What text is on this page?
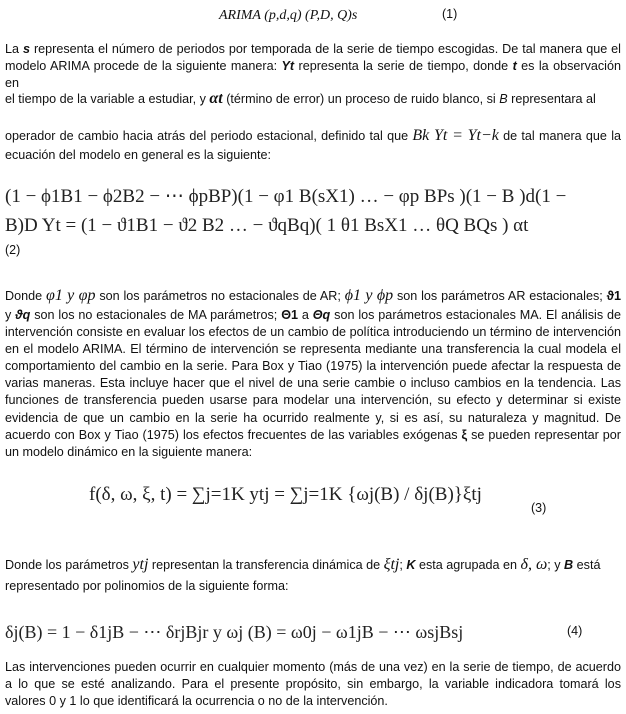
ARIMA (p,d,q) (P,D, Q)s	(1)
La s representa el número de periodos por temporada de la serie de tiempo escogidas. De tal manera que el modelo ARIMA procede de la siguiente manera: Yt representa la serie de tiempo, donde t es la observación en
el tiempo de la variable a estudiar, y αt (término de error) un proceso de ruido blanco, si B representara al
operador de cambio hacia atrás del periodo estacional, definido tal que Bk Yt = Yt−k de tal manera que la ecuación del modelo en general es la siguiente:
(1 − ϕ1B1 − ϕ2B2 − ⋯ ϕpBP)(1 − φ1 B(sX1) … − φp BPs )(1 − B )d(1 −
B)D Yt = (1 − ϑ1B1 − ϑ2 B2 … − ϑqBq)( 1 θ1 BsX1 … θQ BQs ) αt
(2)
Donde φ1 y φp son los parámetros no estacionales de AR; ϕ1 y ϕp son los parámetros AR estacionales; ϑ1 y ϑq son los no estacionales de MA parámetros; Θ1 a Θq son los parámetros estacionales MA. El análisis de intervención consiste en evaluar los efectos de un cambio de política introduciendo un término de intervención en el modelo ARIMA. El término de intervención se representa mediante una transferencia la cual modela el comportamiento del cambio en la serie. Para Box y Tiao (1975) la intervención puede afectar la respuesta de varias maneras. Esta incluye hacer que el nivel de una serie cambie o incluso cambios en la tendencia. Las funciones de transferencia pueden usarse para modelar una intervención, su efecto y determinar si existe evidencia de que un cambio en la serie ha ocurrido realmente y, si es así, su naturaleza y magnitud. De acuerdo con Box y Tiao (1975) los efectos frecuentes de las variables exógenas ξ se pueden representar por un modelo dinámico en la siguiente manera:
f(δ, ω, ξ, t) = ∑j=1K ytj = ∑j=1K {ωj(B) / δj(B)}ξtj
(3)
Donde los parámetros ytj representan la transferencia dinámica de ξtj; K esta agrupada en δ, ω; y B está
representado por polinomios de la siguiente forma:
δj(B) = 1 − δ1jB − ⋯ δrjBjr y ωj (B) = ω0j − ω1jB − ⋯ ωsjBsj	(4)
Las intervenciones pueden ocurrir en cualquier momento (más de una vez) en la serie de tiempo, de acuerdo a lo que se esté analizando. Para el presente propósito, sin embargo, la variable indicadora tomará los valores 0 y 1 lo que identificará la ocurrencia o no de la intervención.
